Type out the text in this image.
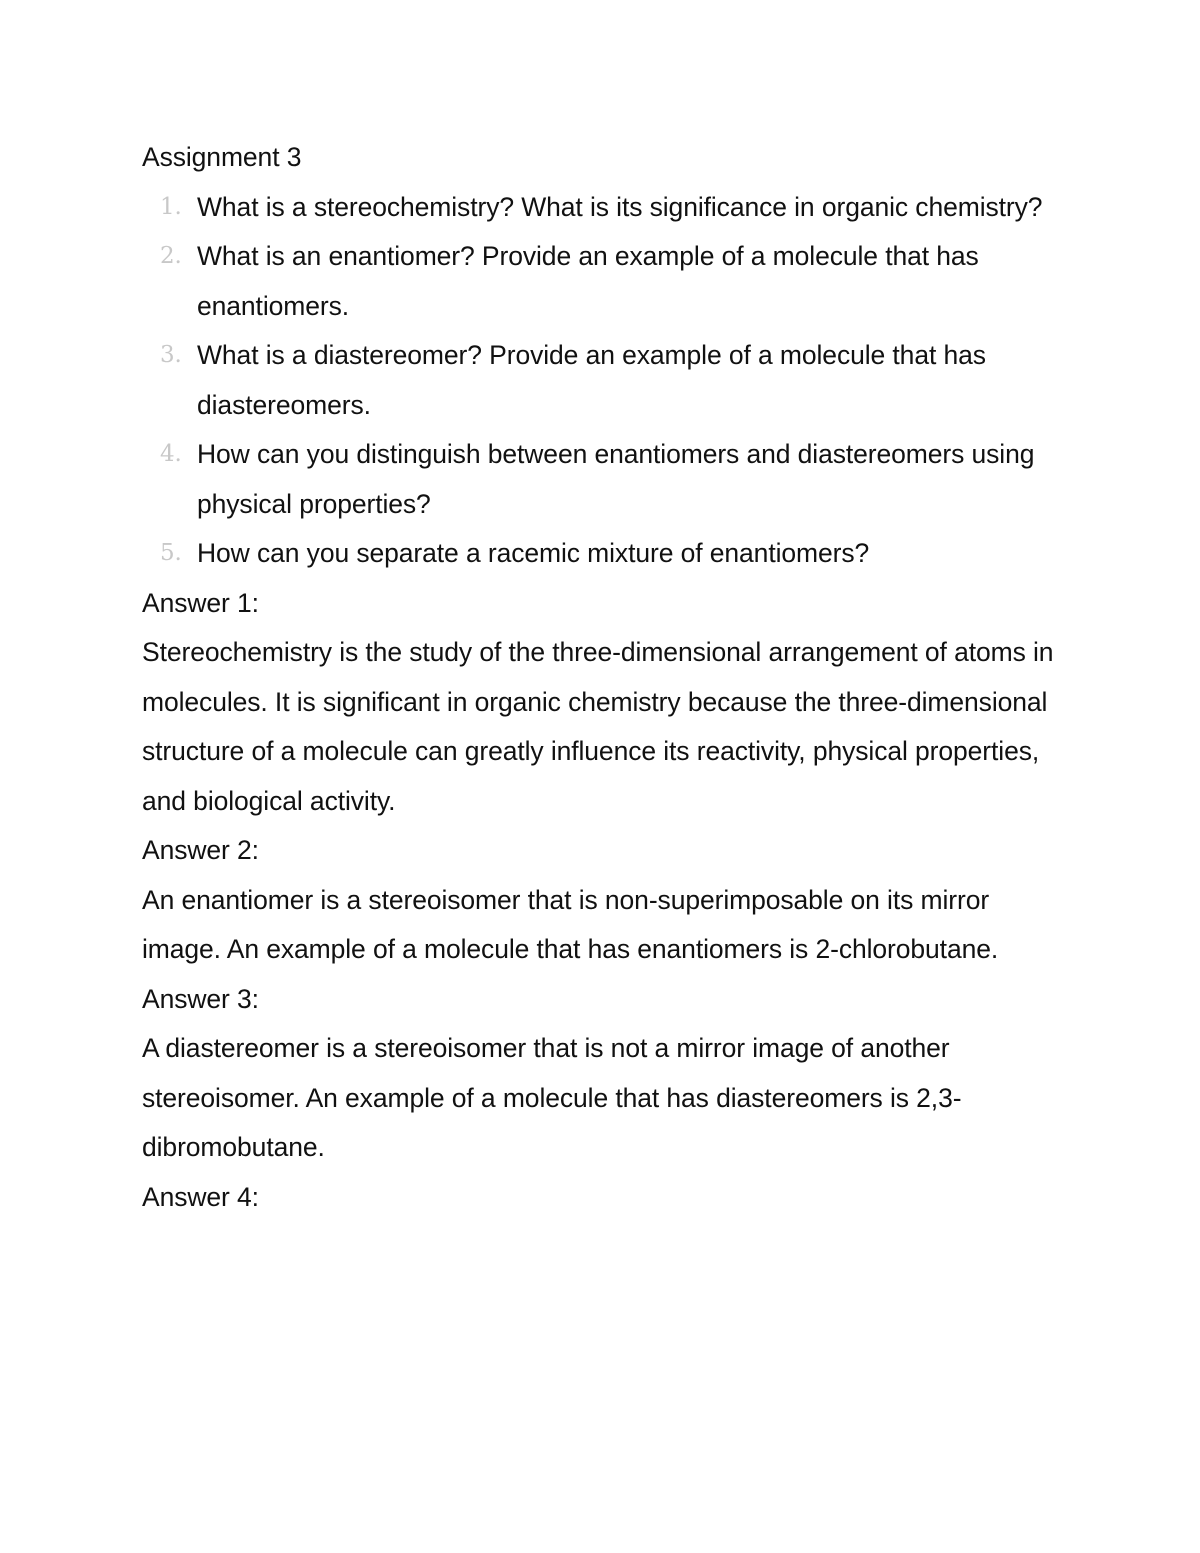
Assignment 3

1. What is a stereochemistry? What is its significance in organic chemistry?
2. What is an enantiomer? Provide an example of a molecule that has enantiomers.
3. What is a diastereomer? Provide an example of a molecule that has diastereomers.
4. How can you distinguish between enantiomers and diastereomers using physical properties?
5. How can you separate a racemic mixture of enantiomers?

Answer 1:

Stereochemistry is the study of the three-dimensional arrangement of atoms in molecules. It is significant in organic chemistry because the three-dimensional structure of a molecule can greatly influence its reactivity, physical properties, and biological activity.

Answer 2:

An enantiomer is a stereoisomer that is non-superimposable on its mirror image. An example of a molecule that has enantiomers is 2-chlorobutane.

Answer 3:

A diastereomer is a stereoisomer that is not a mirror image of another stereoisomer. An example of a molecule that has diastereomers is 2,3-dibromobutane.

Answer 4:
